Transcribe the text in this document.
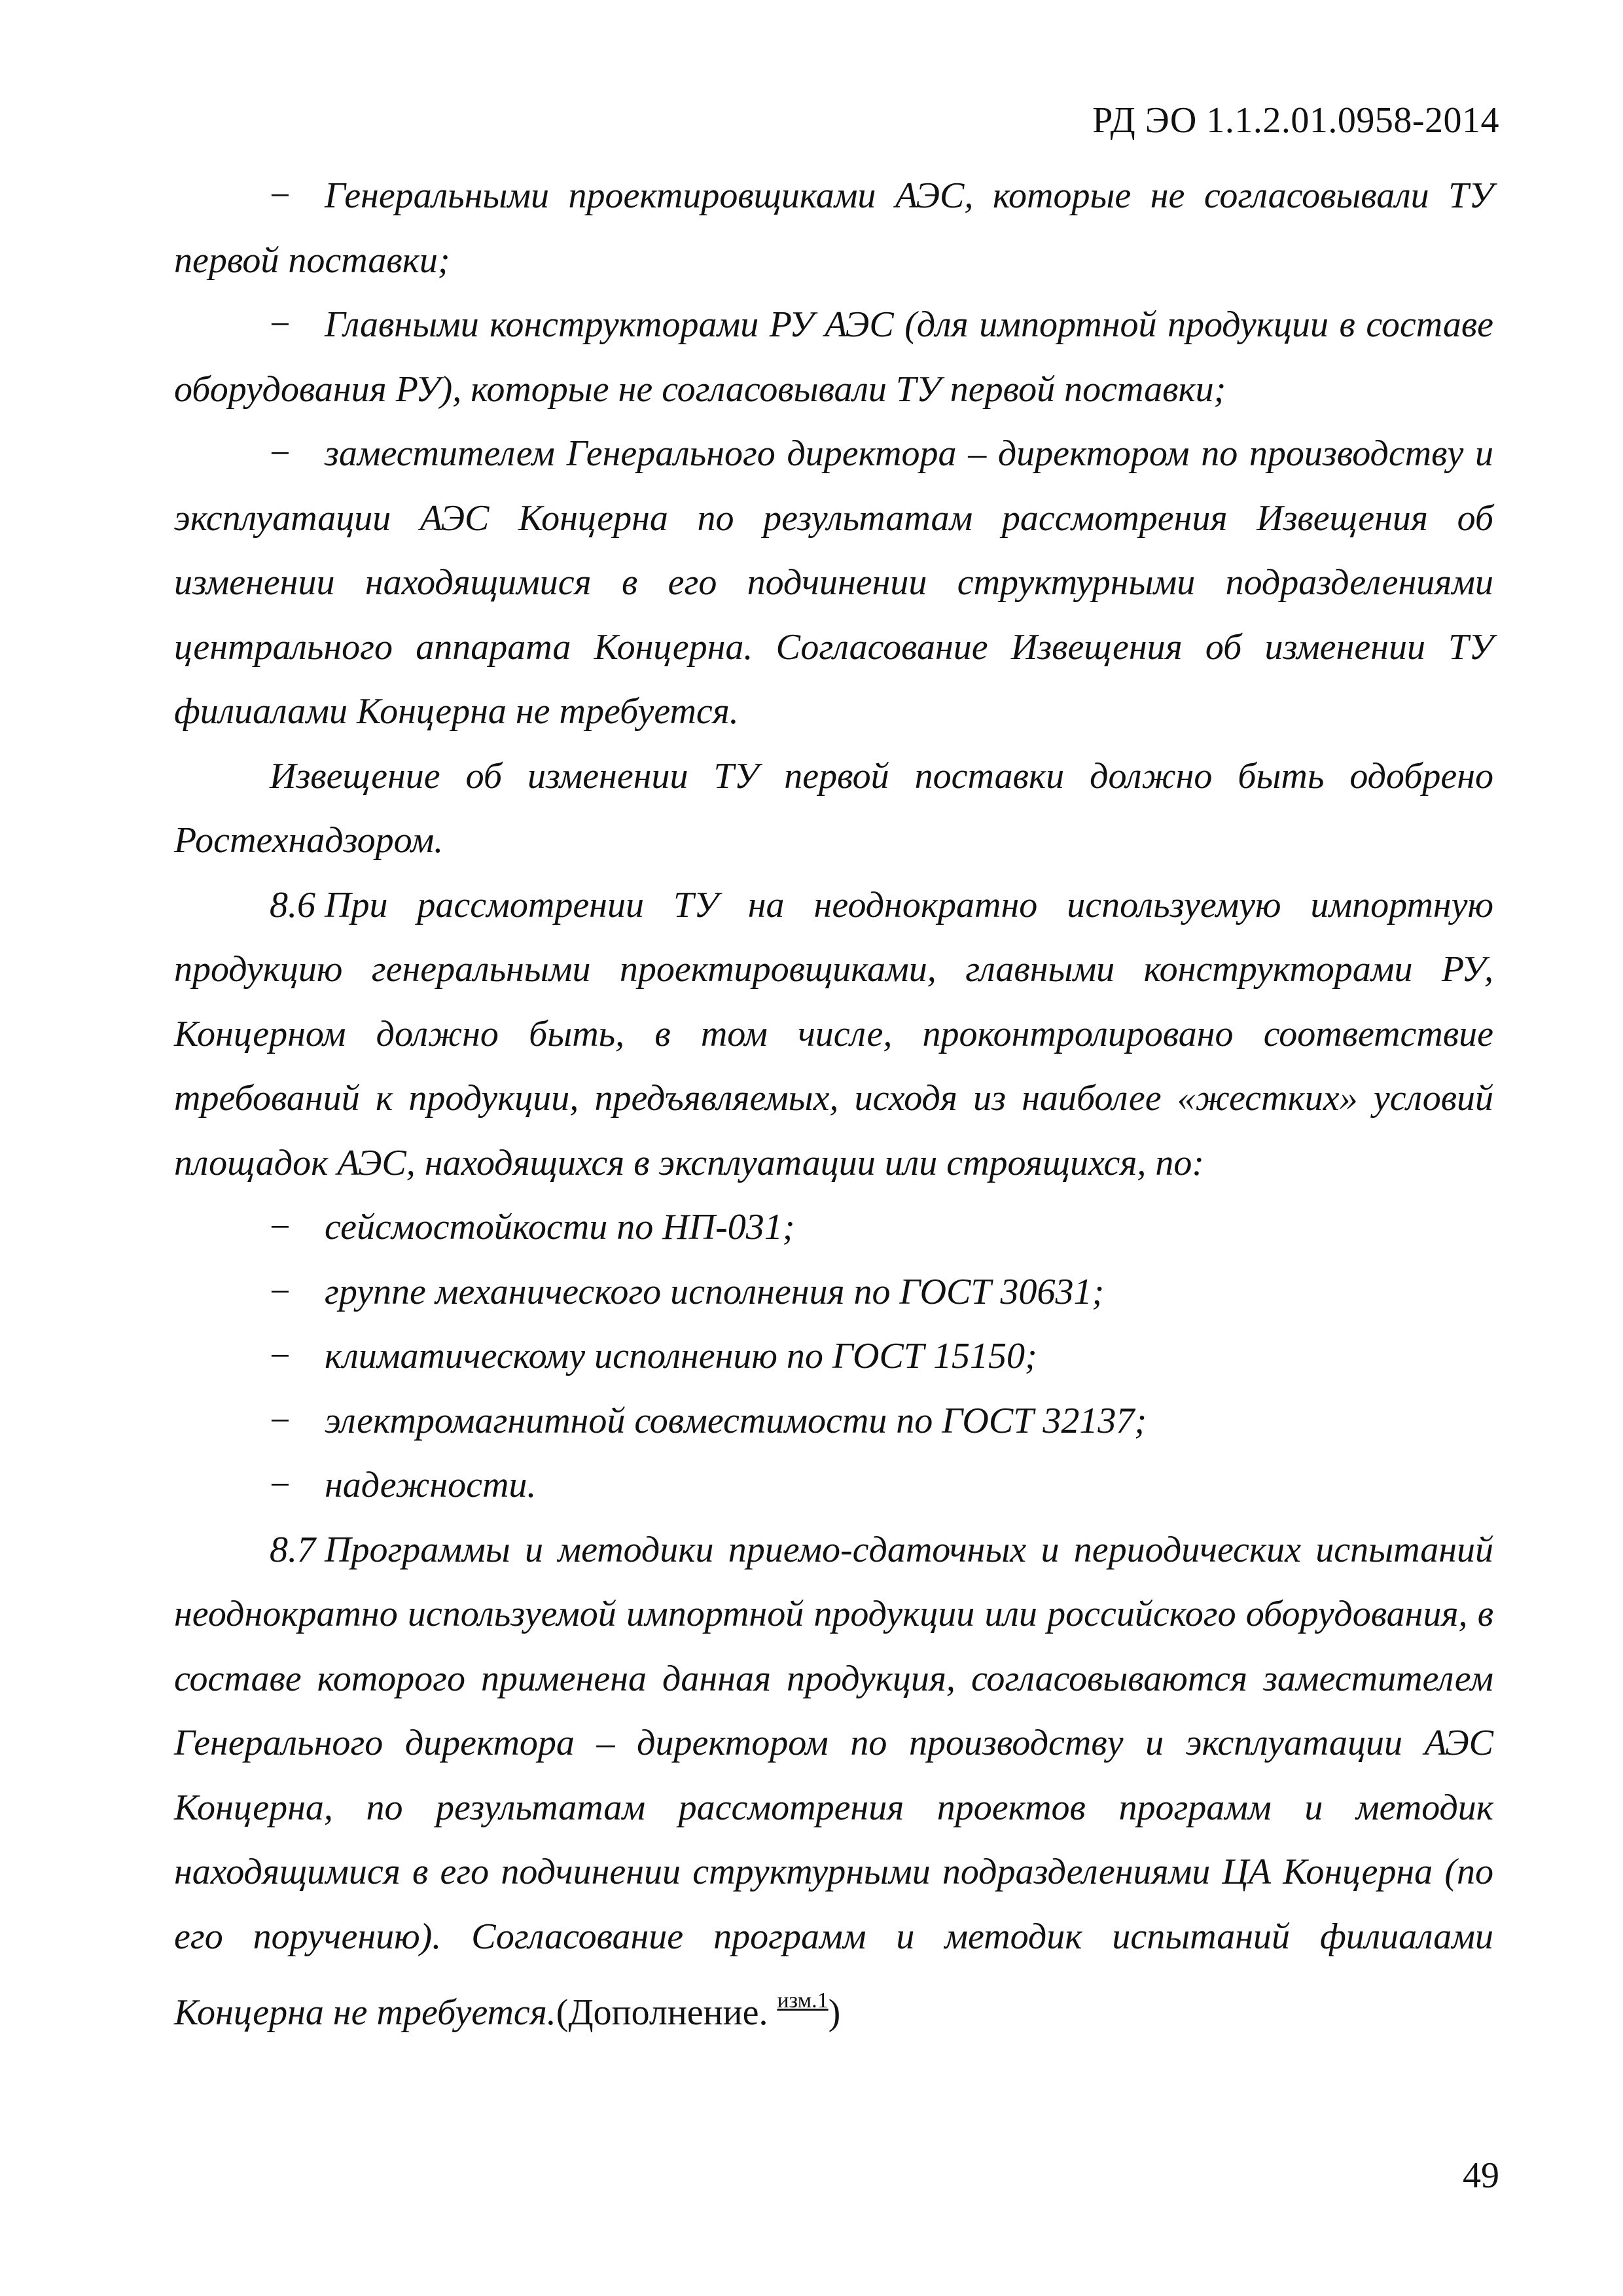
РД ЭО 1.1.2.01.0958-2014

− Генеральными проектировщиками АЭС, которые не согласовывали ТУ первой поставки;

− Главными конструкторами РУ АЭС (для импортной продукции в составе оборудования РУ), которые не согласовывали ТУ первой поставки;

− заместителем Генерального директора – директором по производству и эксплуатации АЭС Концерна по результатам рассмотрения Извещения об изменении находящимися в его подчинении структурными подразделениями центрального аппарата Концерна. Согласование Извещения об изменении ТУ филиалами Концерна не требуется.

Извещение об изменении ТУ первой поставки должно быть одобрено Ростехнадзором.

8.6 При рассмотрении ТУ на неоднократно используемую импортную продукцию генеральными проектировщиками, главными конструкторами РУ, Концерном должно быть, в том числе, проконтролировано соответствие требований к продукции, предъявляемых, исходя из наиболее «жестких» условий площадок АЭС, находящихся в эксплуатации или строящихся, по:

− сейсмостойкости по НП-031;

− группе механического исполнения по ГОСТ 30631;

− климатическому исполнению по ГОСТ 15150;

− электромагнитной совместимости по ГОСТ 32137;

− надежности.

8.7 Программы и методики приемо-сдаточных и периодических испытаний неоднократно используемой импортной продукции или российского оборудования, в составе которого применена данная продукция, согласовываются заместителем Генерального директора – директором по производству и эксплуатации АЭС Концерна, по результатам рассмотрения проектов программ и методик находящимися в его подчинении структурными подразделениями ЦА Концерна (по его поручению). Согласование программ и методик испытаний филиалами Концерна не требуется.(Дополнение. $^{изм.1}$)

49
